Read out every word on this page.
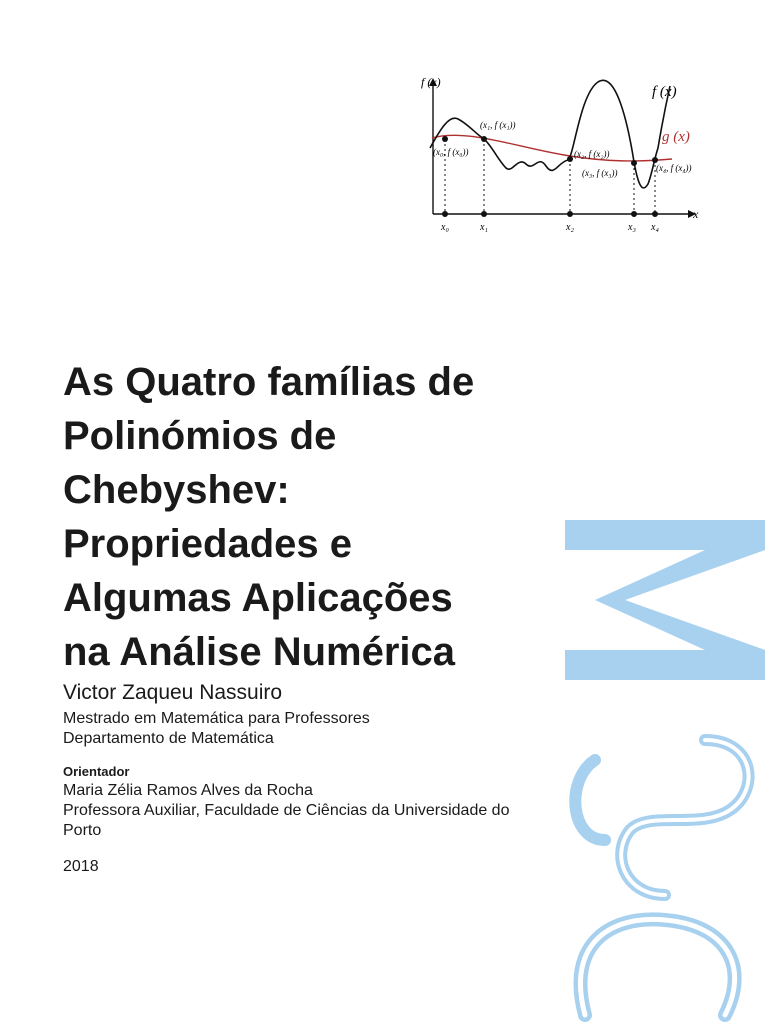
f (x)
x
f (x)
g (x)
x₀	x₁	x₂	x₃ x₄
(x₀, f (x₀))
(x₁, f (x₁))
(x₂, f (x₂))
(x₃, f (x₃))	(x₄, f (x₄))
As Quatro famílias de
Polinómios de
Chebyshev:
Propriedades e
Algumas Aplicações
na Análise Numérica
Victor Zaqueu Nassuiro
Mestrado em Matemática para Professores
Departamento de Matemática
Orientador
Maria Zélia Ramos Alves da Rocha
Professora Auxiliar, Faculdade de Ciências da Universidade do
Porto
2018
